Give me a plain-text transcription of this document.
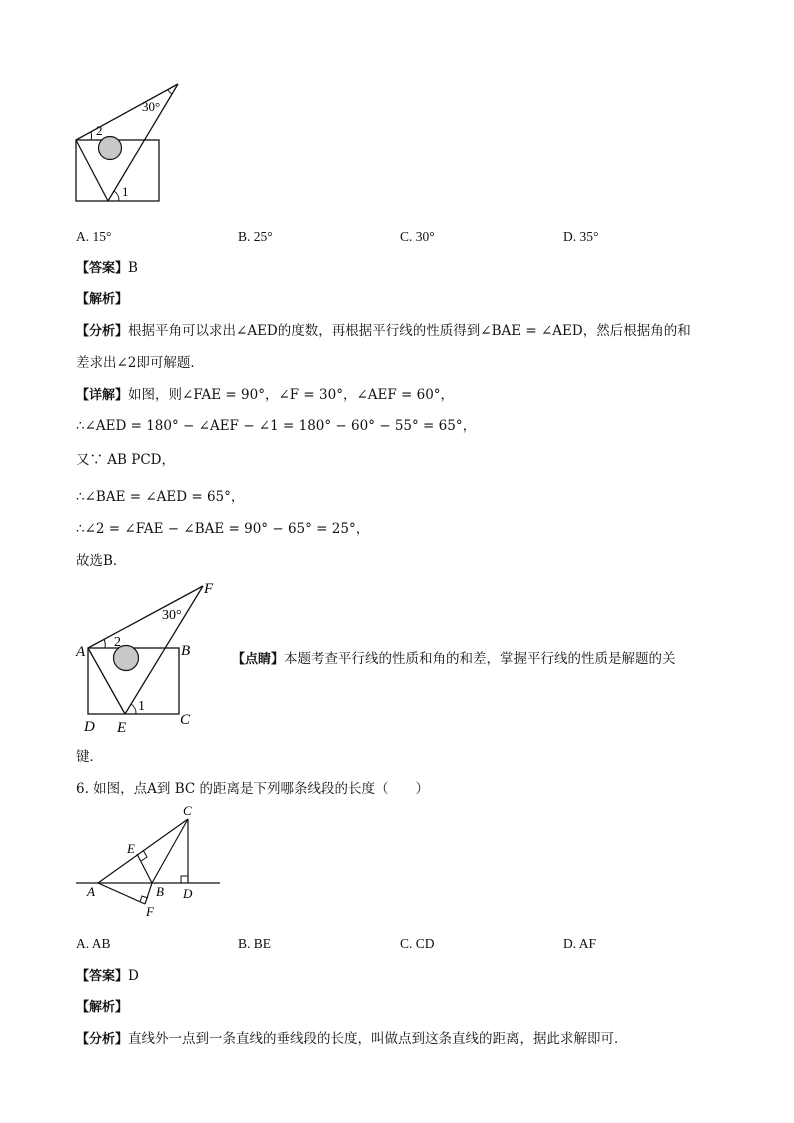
30°
2
1
A. 15°	B. 25°	C. 30°	D. 35°
【答案】B
【解析】
【分析】根据平角可以求出∠AED的度数，再根据平行线的性质得到∠BAE = ∠AED，然后根据角的和
差求出∠2即可解题．
【详解】如图，则∠FAE = 90°，∠F = 30°，∠AEF = 60°，
∴∠AED = 180° − ∠AEF − ∠1 = 180° − 60° − 55° = 65°，
又∵ AB PCD，
∴∠BAE = ∠AED = 65°，
∴∠2 = ∠FAE − ∠BAE = 90° − 65° = 25°，
故选B．
F
30°
A
2
B
1
C
D E
【点睛】本题考查平行线的性质和角的和差，掌握平行线的性质是解题的关
键．
6. 如图，点A到 BC 的距离是下列哪条线段的长度（　　）
C
E
A	B D
F
A. AB	B. BE	C. CD	D. AF
【答案】D
【解析】
【分析】直线外一点到一条直线的垂线段的长度，叫做点到这条直线的距离，据此求解即可．
